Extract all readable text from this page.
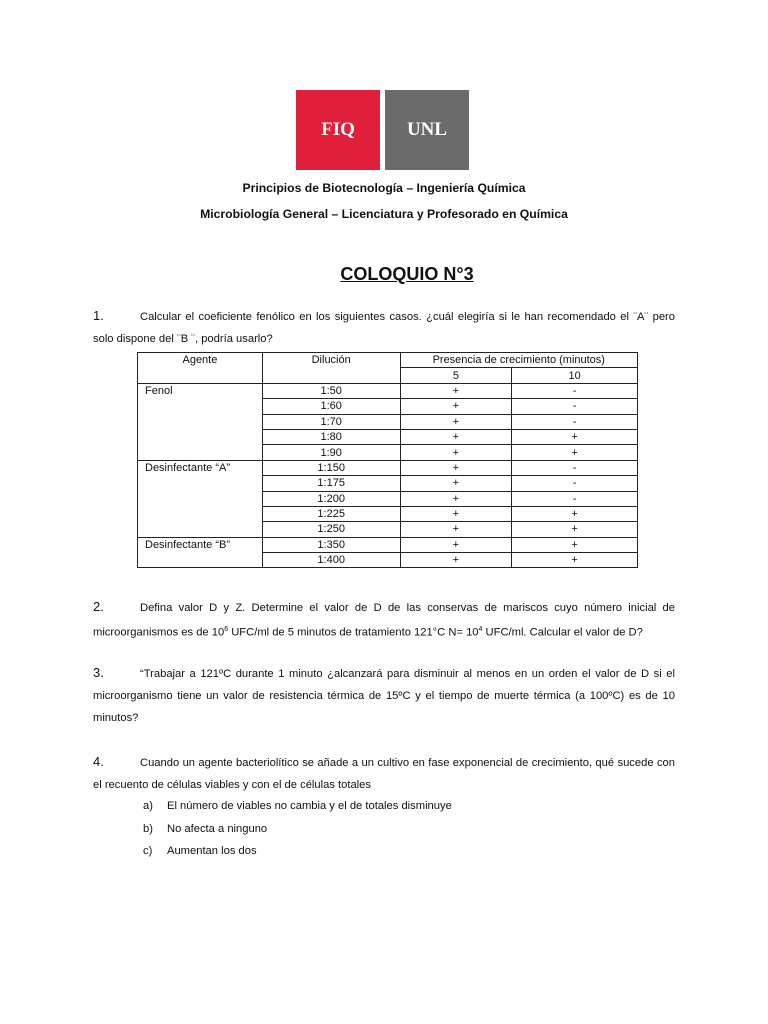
FIQ	UNL
Principios de Biotecnología – Ingeniería Química
Microbiología General – Licenciatura y Profesorado en Química
COLOQUIO N°3
1.	Calcular el coeficiente fenólico en los siguientes casos. ¿cuál elegiría si le han recomendado el ¨A¨ pero solo dispone del ¨B ¨, podría usarlo?
Agente	Dilución	Presencia de crecimiento (minutos)	
		5	10
Fenol	1:50	+	-
	1:60	+	-
	1:70	+	-
	1:80	+	+
	1:90	+	+
Desinfectante “A”	1:150	+	-
	1:175	+	-
	1:200	+	-
	1:225	+	+
	1:250	+	+
Desinfectante “B”	1:350	+	+
	1:400	+	+
2.	Defina valor D y Z. Determine el valor de D de las conservas de mariscos cuyo número inicial de microorganismos es de $10^6$ UFC/ml de 5 minutos de tratamiento 121°C $N= 10^4$ UFC/ml. Calcular el valor de D?
3.	“Trabajar a 121ºC durante 1 minuto ¿alcanzará para disminuir al menos en un orden el valor de D si el microorganismo tiene un valor de resistencia térmica de 15ºC y el tiempo de muerte térmica (a 100ºC) es de 10 minutos?
4.	Cuando un agente bacteriolítico se añade a un cultivo en fase exponencial de crecimiento, qué sucede con el recuento de células viables y con el de células totales
a) El número de viables no cambia y el de totales disminuye
b) No afecta a ninguno
c) Aumentan los dos
